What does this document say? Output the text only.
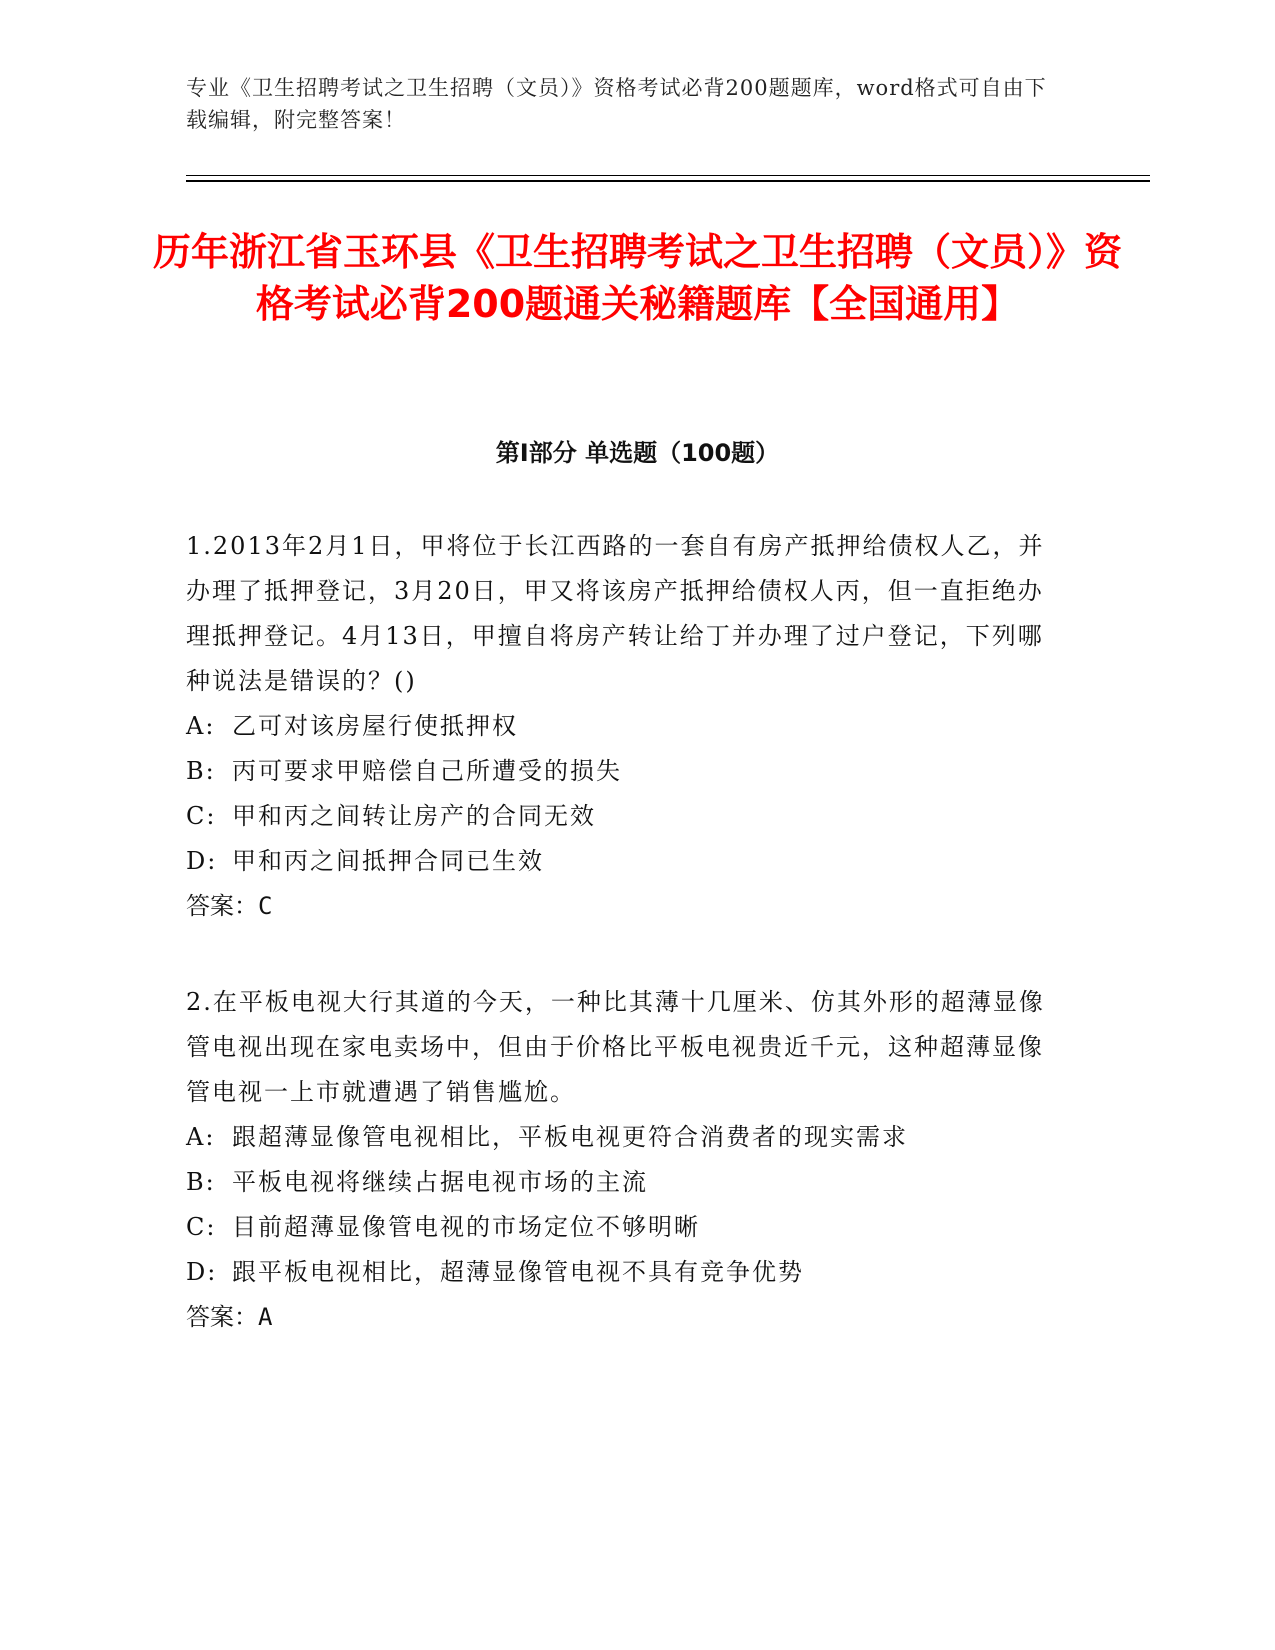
专业《卫生招聘考试之卫生招聘（文员）》资格考试必背200题题库，word格式可自由下载编辑，附完整答案！
历年浙江省玉环县《卫生招聘考试之卫生招聘（文员）》资格考试必背200题通关秘籍题库【全国通用】
第Ⅰ部分 单选题（100题）

1.2013年2月1日，甲将位于长江西路的一套自有房产抵押给债权人乙，并办理了抵押登记，3月20日，甲又将该房产抵押给债权人丙，但一直拒绝办理抵押登记。4月13日，甲擅自将房产转让给丁并办理了过户登记，下列哪种说法是错误的？()

A: 乙可对该房屋行使抵押权

B: 丙可要求甲赔偿自己所遭受的损失

C: 甲和丙之间转让房产的合同无效

D: 甲和丙之间抵押合同已生效

答案：C

2.在平板电视大行其道的今天，一种比其薄十几厘米、仿其外形的超薄显像管电视出现在家电卖场中，但由于价格比平板电视贵近千元，这种超薄显像管电视一上市就遭遇了销售尴尬。

A: 跟超薄显像管电视相比，平板电视更符合消费者的现实需求

B: 平板电视将继续占据电视市场的主流

C: 目前超薄显像管电视的市场定位不够明晰

D: 跟平板电视相比，超薄显像管电视不具有竞争优势

答案：A
